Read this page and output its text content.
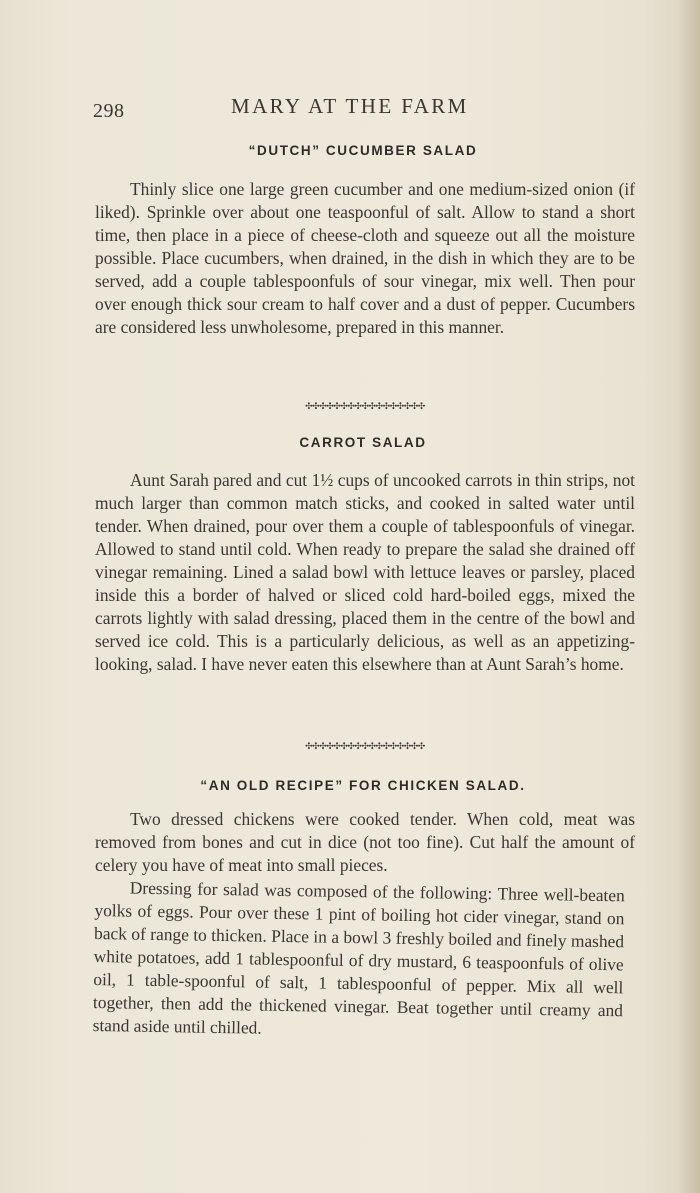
298	MARY AT THE FARM
“DUTCH” CUCUMBER SALAD

Thinly slice one large green cucumber and one medium-sized onion (if liked). Sprinkle over about one teaspoonful of salt. Allow to stand a short time, then place in a piece of cheese-cloth and squeeze out all the moisture possible. Place cucumbers, when drained, in the dish in which they are to be served, add a couple tablespoonfuls of sour vinegar, mix well. Then pour over enough thick sour cream to half cover and a dust of pepper. Cucumbers are considered less unwholesome, prepared in this manner.

✣✣✣✣✣✣✣✣✣✣✣✣✣✣✣✣✣
CARROT SALAD

Aunt Sarah pared and cut 1½ cups of uncooked carrots in thin strips, not much larger than common match sticks, and cooked in salted water until tender. When drained, pour over them a couple of tablespoonfuls of vinegar. Allowed to stand until cold. When ready to prepare the salad she drained off vinegar remaining. Lined a salad bowl with lettuce leaves or parsley, placed inside this a border of halved or sliced cold hard-boiled eggs, mixed the carrots lightly with salad dressing, placed them in the centre of the bowl and served ice cold. This is a particularly delicious, as well as an appetizing-looking, salad. I have never eaten this elsewhere than at Aunt Sarah’s home.

✣✣✣✣✣✣✣✣✣✣✣✣✣✣✣✣✣
“AN OLD RECIPE” FOR CHICKEN SALAD.

Two dressed chickens were cooked tender. When cold, meat was removed from bones and cut in dice (not too fine). Cut half the amount of celery you have of meat into small pieces.

Dressing for salad was composed of the following: Three well-beaten yolks of eggs. Pour over these 1 pint of boiling hot cider vinegar, stand on back of range to thicken. Place in a bowl 3 freshly boiled and finely mashed white potatoes, add 1 tablespoonful of dry mustard, 6 teaspoonfuls of olive oil, 1 table-spoonful of salt, 1 tablespoonful of pepper. Mix all well together, then add the thickened vinegar. Beat together until creamy and stand aside until chilled.
